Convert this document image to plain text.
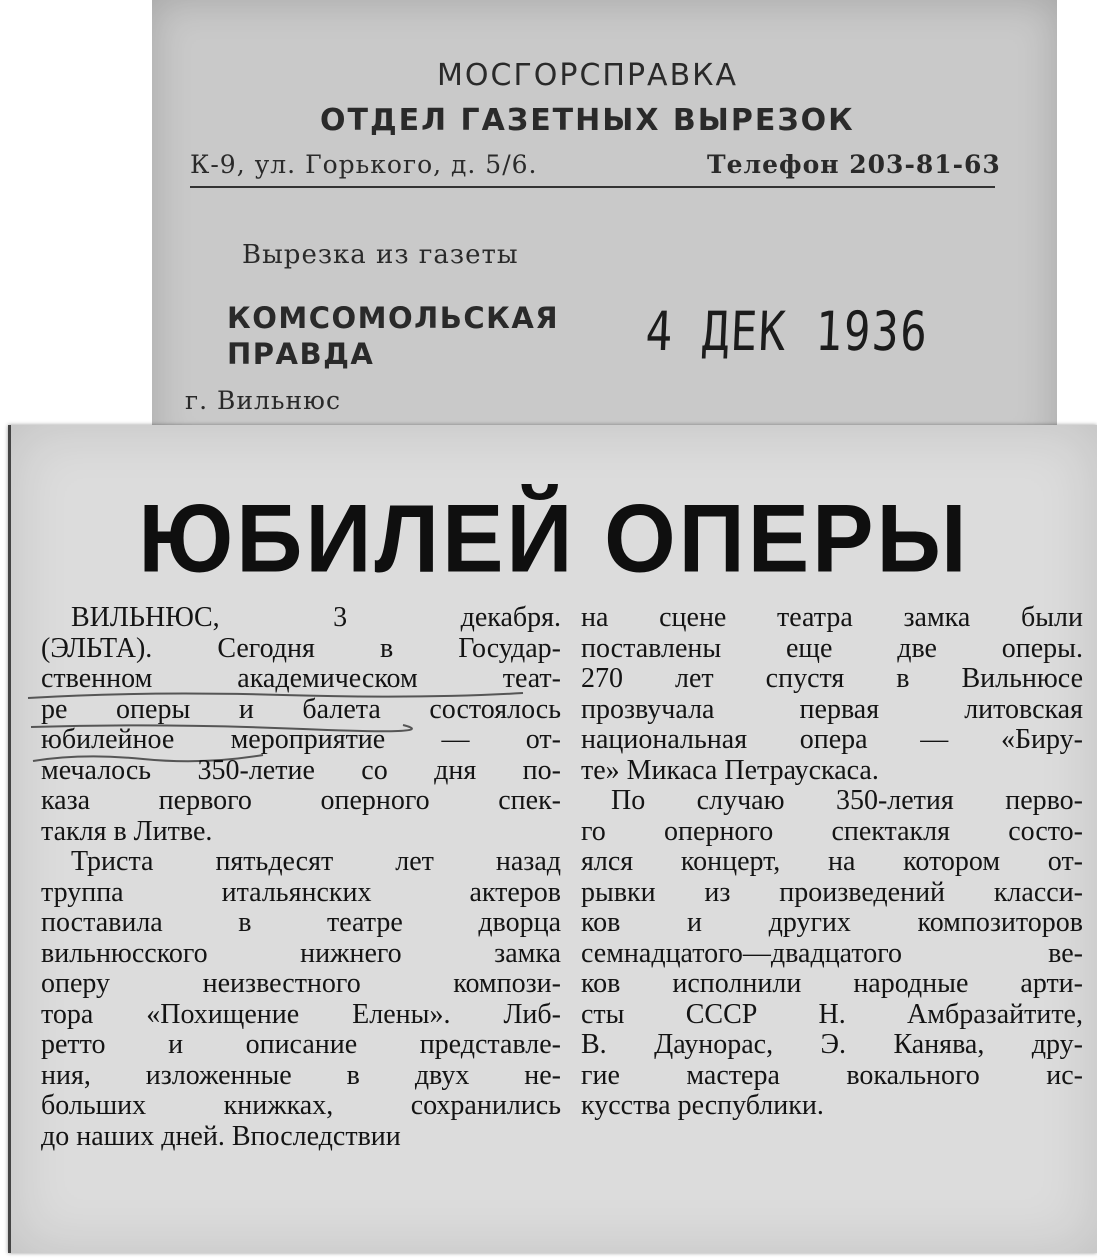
МОСГОРСПРАВКА
ОТДЕЛ ГАЗЕТНЫХ ВЫРЕЗОК
К-9, ул. Горького, д. 5/6.	Телефон 203-81-63
Вырезка из газеты
КОМСОМОЛЬСКАЯ
ПРАВДА	4 ДЕК 1936
г. Вильнюс
ЮБИЛЕЙ ОПЕРЫ
ВИЛЬНЮС, 3 декабря.
(ЭЛЬТА). Сегодня в Государ-
ственном академическом теат-
ре оперы и балета состоялось
юбилейное мероприятие — от-
мечалось 350-летие со дня по-
каза первого оперного спек-
такля в Литве.
Триста пятьдесят лет назад
труппа итальянских актеров
поставила в театре дворца
вильнюсского нижнего замка
оперу неизвестного компози-
тора «Похищение Елены». Либ-
ретто и описание представле-
ния, изложенные в двух не-
больших книжках, сохранились
до наших дней. Впоследствии
на сцене театра замка были
поставлены еще две оперы.
270 лет спустя в Вильнюсе
прозвучала первая литовская
национальная опера — «Биру-
те» Микаса Петраускаса.
По случаю 350-летия перво-
го оперного спектакля состо-
ялся концерт, на котором от-
рывки из произведений класси-
ков и других композиторов
семнадцатого—двадцатого ве-
ков исполнили народные арти-
сты СССР Н. Амбразайтите,
В. Даунорас, Э. Канява, дру-
гие мастера вокального ис-
кусства республики.
